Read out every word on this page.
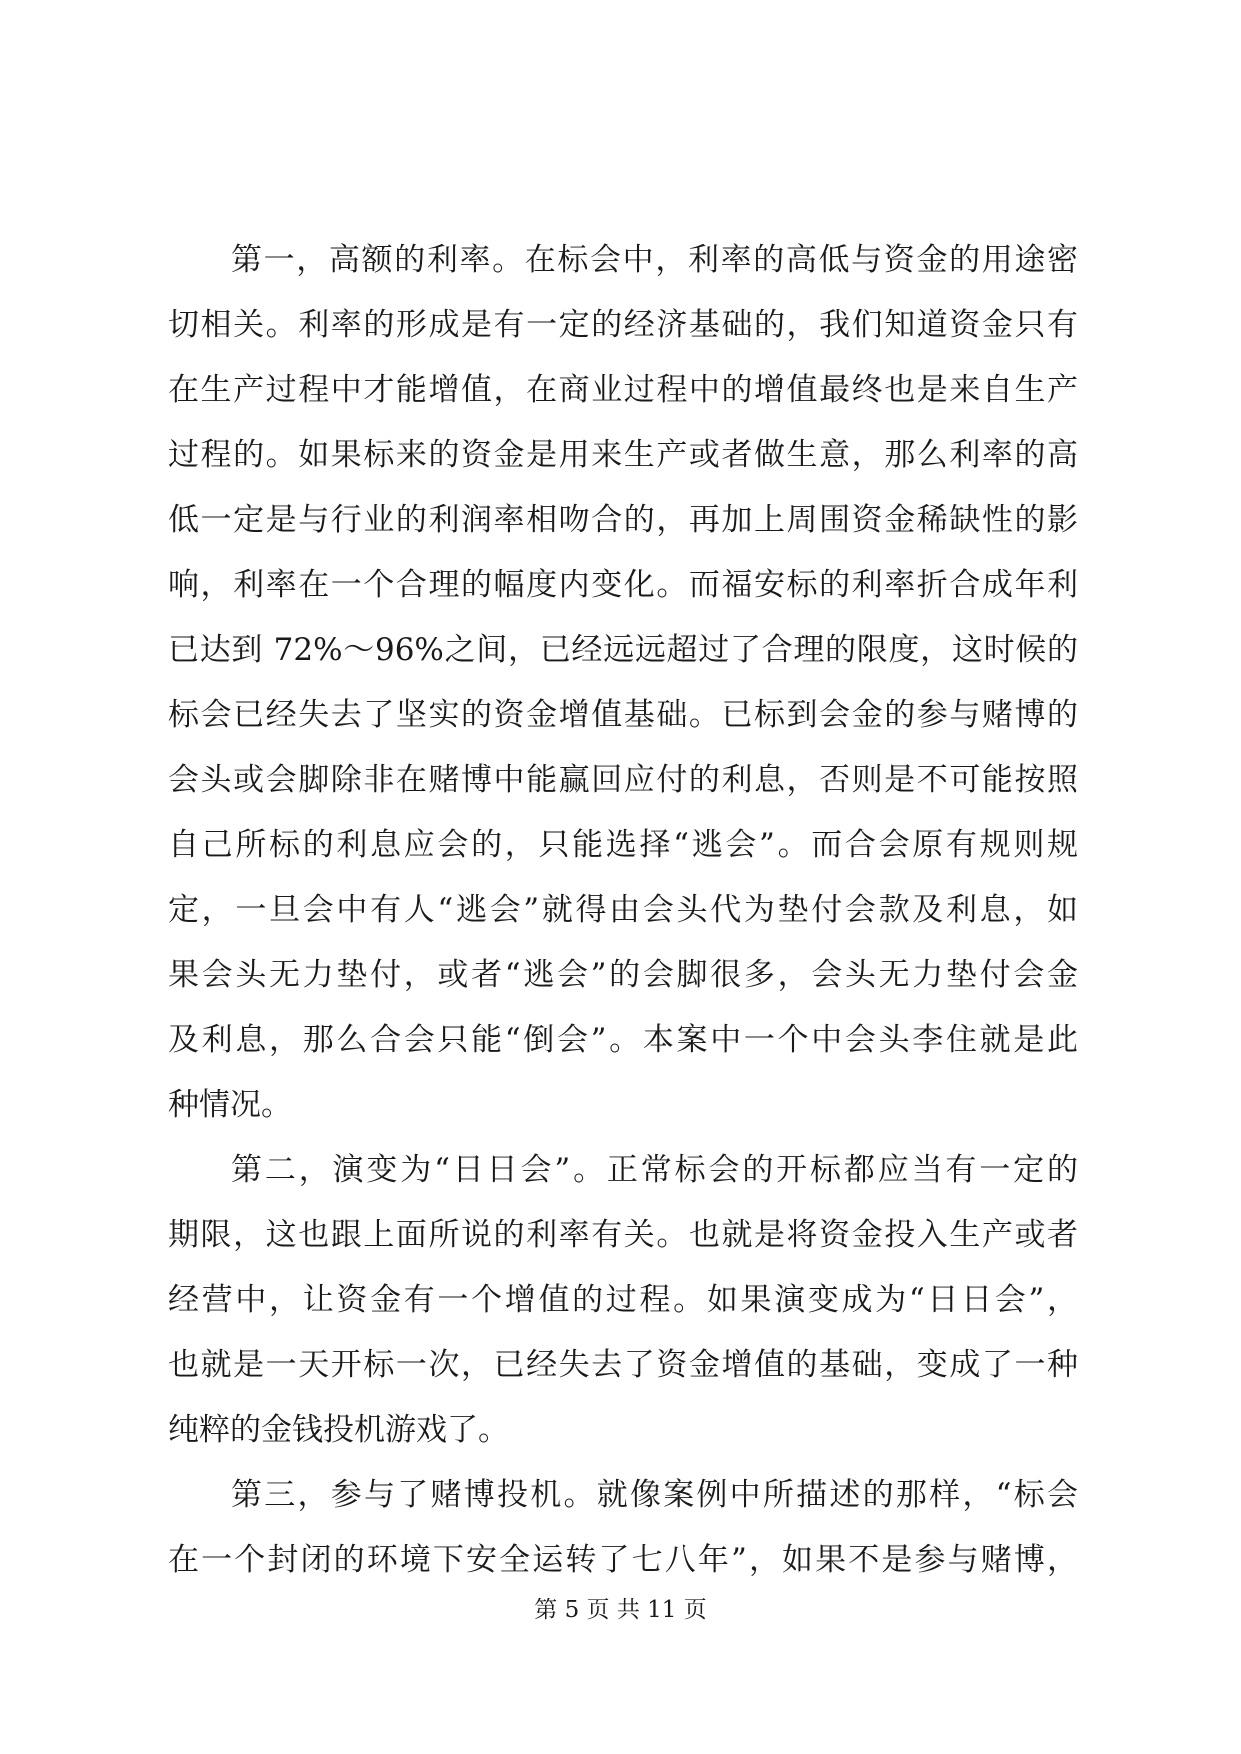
第一，高额的利率。在标会中，利率的高低与资金的用途密
切相关。利率的形成是有一定的经济基础的，我们知道资金只有
在生产过程中才能增值，在商业过程中的增值最终也是来自生产
过程的。如果标来的资金是用来生产或者做生意，那么利率的高
低一定是与行业的利润率相吻合的，再加上周围资金稀缺性的影
响，利率在一个合理的幅度内变化。而福安标的利率折合成年利
已达到 72%～96%之间，已经远远超过了合理的限度，这时候的
标会已经失去了坚实的资金增值基础。已标到会金的参与赌博的
会头或会脚除非在赌博中能赢回应付的利息，否则是不可能按照
自己所标的利息应会的，只能选择“逃会”。而合会原有规则规
定，一旦会中有人“逃会”就得由会头代为垫付会款及利息，如
果会头无力垫付，或者“逃会”的会脚很多，会头无力垫付会金
及利息，那么合会只能“倒会”。本案中一个中会头李住就是此
种情况。
第二，演变为“日日会”。正常标会的开标都应当有一定的
期限，这也跟上面所说的利率有关。也就是将资金投入生产或者
经营中，让资金有一个增值的过程。如果演变成为“日日会”，
也就是一天开标一次，已经失去了资金增值的基础，变成了一种
纯粹的金钱投机游戏了。
第三，参与了赌博投机。就像案例中所描述的那样，“标会
在一个封闭的环境下安全运转了七八年”，如果不是参与赌博，
第 5 页 共 11 页
